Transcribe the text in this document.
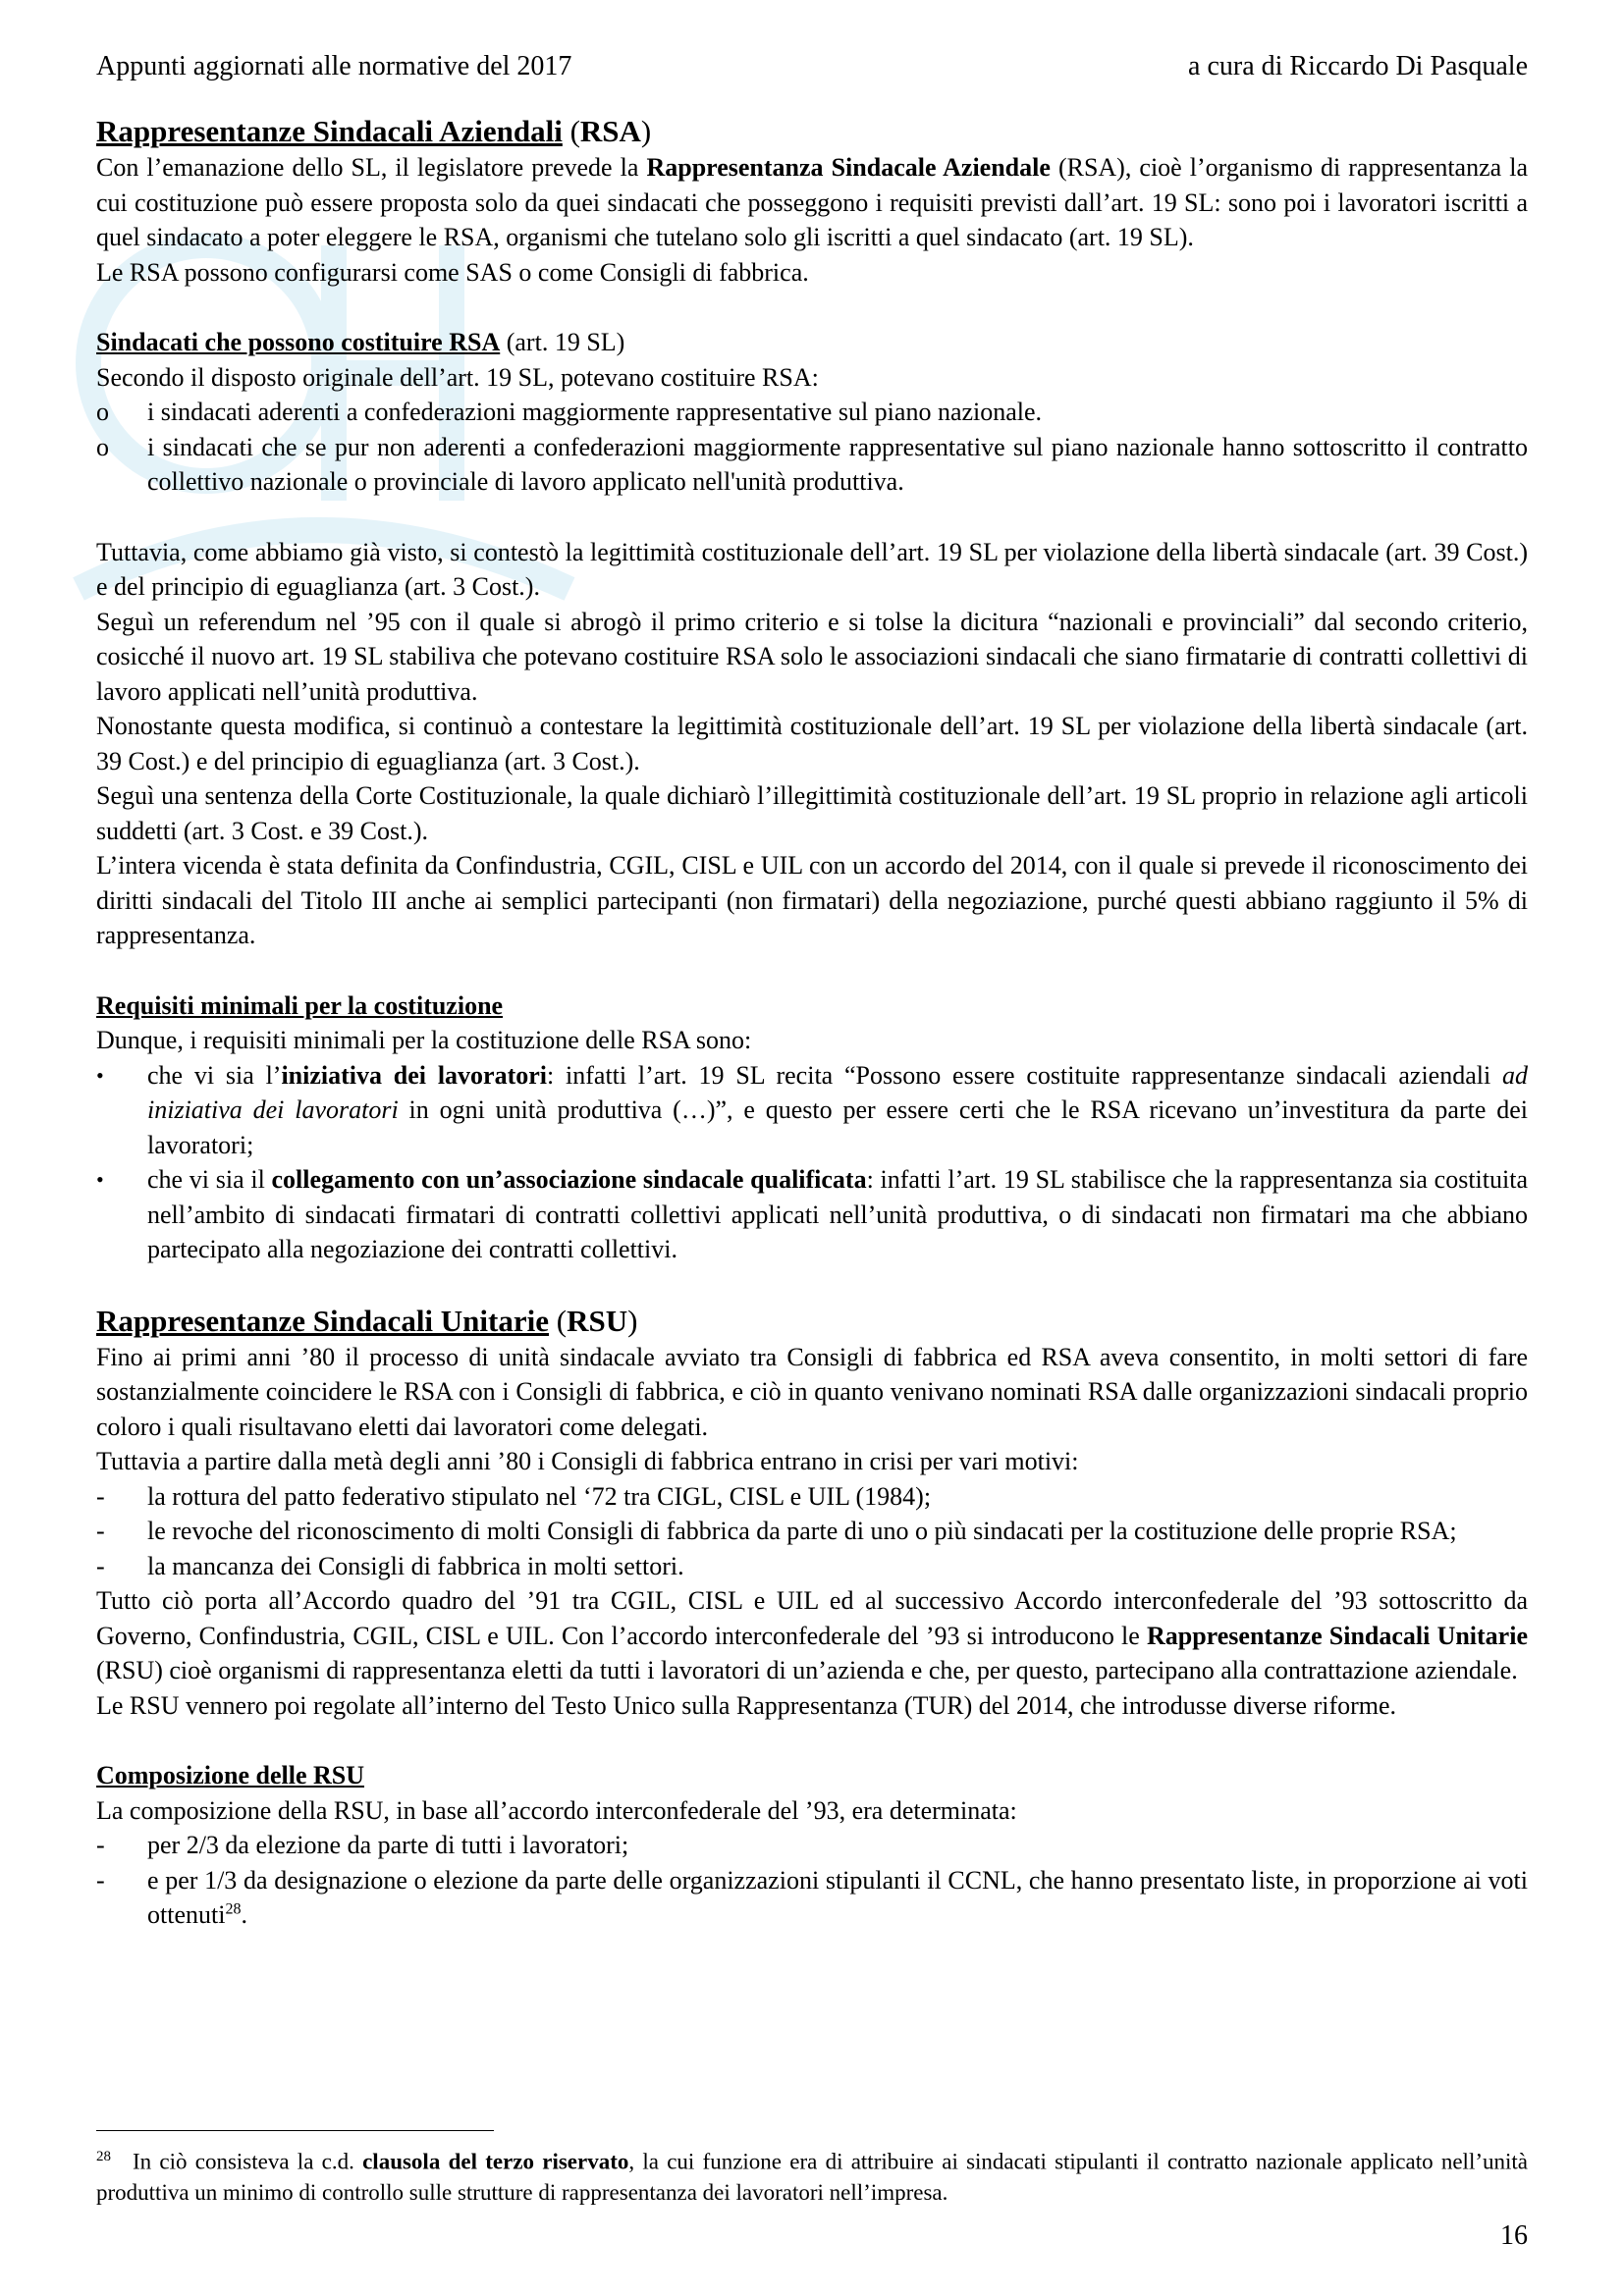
Appunti aggiornati alle normative del 2017	a cura di Riccardo Di Pasquale

Rappresentanze Sindacali Aziendali (RSA)

Con l’emanazione dello SL, il legislatore prevede la Rappresentanza Sindacale Aziendale (RSA), cioè l’organismo di rappresentanza la cui costituzione può essere proposta solo da quei sindacati che posseggono i requisiti previsti dall’art. 19 SL: sono poi i lavoratori iscritti a quel sindacato a poter eleggere le RSA, organismi che tutelano solo gli iscritti a quel sindacato (art. 19 SL).

Le RSA possono configurarsi come SAS o come Consigli di fabbrica.

Sindacati che possono costituire RSA (art. 19 SL)

Secondo il disposto originale dell’art. 19 SL, potevano costituire RSA:

o	i sindacati aderenti a confederazioni maggiormente rappresentative sul piano nazionale.
o	i sindacati che se pur non aderenti a confederazioni maggiormente rappresentative sul piano nazionale hanno sottoscritto il contratto collettivo nazionale o provinciale di lavoro applicato nell'unità produttiva.

Tuttavia, come abbiamo già visto, si contestò la legittimità costituzionale dell’art. 19 SL per violazione della libertà sindacale (art. 39 Cost.) e del principio di eguaglianza (art. 3 Cost.).

Seguì un referendum nel ’95 con il quale si abrogò il primo criterio e si tolse la dicitura “nazionali e provinciali” dal secondo criterio, cosicché il nuovo art. 19 SL stabiliva che potevano costituire RSA solo le associazioni sindacali che siano firmatarie di contratti collettivi di lavoro applicati nell’unità produttiva.

Nonostante questa modifica, si continuò a contestare la legittimità costituzionale dell’art. 19 SL per violazione della libertà sindacale (art. 39 Cost.) e del principio di eguaglianza (art. 3 Cost.).

Seguì una sentenza della Corte Costituzionale, la quale dichiarò l’illegittimità costituzionale dell’art. 19 SL proprio in relazione agli articoli suddetti (art. 3 Cost. e 39 Cost.).

L’intera vicenda è stata definita da Confindustria, CGIL, CISL e UIL con un accordo del 2014, con il quale si prevede il riconoscimento dei diritti sindacali del Titolo III anche ai semplici partecipanti (non firmatari) della negoziazione, purché questi abbiano raggiunto il 5% di rappresentanza.

Requisiti minimali per la costituzione

Dunque, i requisiti minimali per la costituzione delle RSA sono:

•	che vi sia l’iniziativa dei lavoratori: infatti l’art. 19 SL recita “Possono essere costituite rappresentanze sindacali aziendali ad iniziativa dei lavoratori in ogni unità produttiva (…)”, e questo per essere certi che le RSA ricevano un’investitura da parte dei lavoratori;
•	che vi sia il collegamento con un’associazione sindacale qualificata: infatti l’art. 19 SL stabilisce che la rappresentanza sia costituita nell’ambito di sindacati firmatari di contratti collettivi applicati nell’unità produttiva, o di sindacati non firmatari ma che abbiano partecipato alla negoziazione dei contratti collettivi.

Rappresentanze Sindacali Unitarie (RSU)

Fino ai primi anni ’80 il processo di unità sindacale avviato tra Consigli di fabbrica ed RSA aveva consentito, in molti settori di fare sostanzialmente coincidere le RSA con i Consigli di fabbrica, e ciò in quanto venivano nominati RSA dalle organizzazioni sindacali proprio coloro i quali risultavano eletti dai lavoratori come delegati.

Tuttavia a partire dalla metà degli anni ’80 i Consigli di fabbrica entrano in crisi per vari motivi:

-	la rottura del patto federativo stipulato nel ‘72 tra CIGL, CISL e UIL (1984);
-	le revoche del riconoscimento di molti Consigli di fabbrica da parte di uno o più sindacati per la costituzione delle proprie RSA;
-	la mancanza dei Consigli di fabbrica in molti settori.

Tutto ciò porta all’Accordo quadro del ’91 tra CGIL, CISL e UIL ed al successivo Accordo interconfederale del ’93 sottoscritto da Governo, Confindustria, CGIL, CISL e UIL. Con l’accordo interconfederale del ’93 si introducono le Rappresentanze Sindacali Unitarie (RSU) cioè organismi di rappresentanza eletti da tutti i lavoratori di un’azienda e che, per questo, partecipano alla contrattazione aziendale.

Le RSU vennero poi regolate all’interno del Testo Unico sulla Rappresentanza (TUR) del 2014, che introdusse diverse riforme.

Composizione delle RSU

La composizione della RSU, in base all’accordo interconfederale del ’93, era determinata:

-	per 2/3 da elezione da parte di tutti i lavoratori;
-	e per 1/3 da designazione o elezione da parte delle organizzazioni stipulanti il CCNL, che hanno presentato liste, in proporzione ai voti ottenuti$^{28}$.
$^{28}$ In ciò consisteva la c.d. clausola del terzo riservato, la cui funzione era di attribuire ai sindacati stipulanti il contratto nazionale applicato nell’unità produttiva un minimo di controllo sulle strutture di rappresentanza dei lavoratori nell’impresa.
16
